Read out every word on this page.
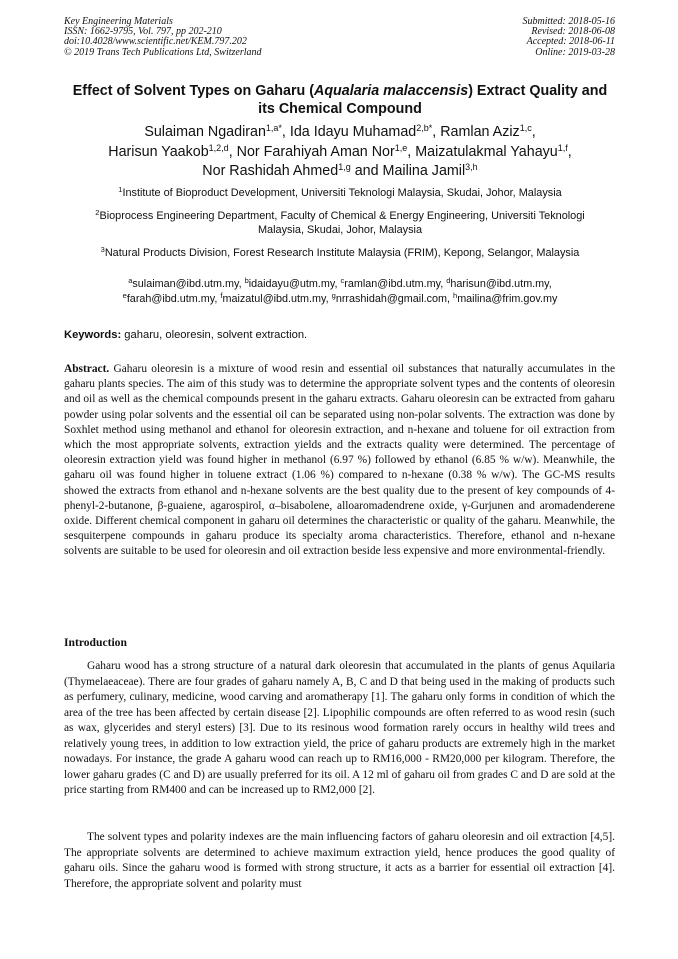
Key Engineering Materials
ISSN: 1662-9795, Vol. 797, pp 202-210
doi:10.4028/www.scientific.net/KEM.797.202
© 2019 Trans Tech Publications Ltd, Switzerland
Submitted: 2018-05-16
Revised: 2018-06-08
Accepted: 2018-06-11
Online: 2019-03-28
Effect of Solvent Types on Gaharu (Aqualaria malaccensis) Extract Quality and its Chemical Compound
Sulaiman Ngadiran$^{1,a*}$, Ida Idayu Muhamad$^{2,b*}$, Ramlan Aziz$^{1,c}$,
Harisun Yaakob$^{1,2,d}$, Nor Farahiyah Aman Nor$^{1,e}$, Maizatulakmal Yahayu$^{1,f}$,
Nor Rashidah Ahmed$^{1,g}$ and Mailina Jamil$^{3,h}$
$^1$Institute of Bioproduct Development, Universiti Teknologi Malaysia, Skudai, Johor, Malaysia
$^2$Bioprocess Engineering Department, Faculty of Chemical & Energy Engineering, Universiti Teknologi Malaysia, Skudai, Johor, Malaysia
$^3$Natural Products Division, Forest Research Institute Malaysia (FRIM), Kepong, Selangor, Malaysia
$^a$sulaiman@ibd.utm.my, $^b$idaidayu@utm.my, $^c$ramlan@ibd.utm.my, $^d$harisun@ibd.utm.my,
$^e$farah@ibd.utm.my, $^f$maizatul@ibd.utm.my, $^g$nrrashidah@gmail.com, $^h$mailina@frim.gov.my
Keywords: gaharu, oleoresin, solvent extraction.
Abstract. Gaharu oleoresin is a mixture of wood resin and essential oil substances that naturally accumulates in the gaharu plants species. The aim of this study was to determine the appropriate solvent types and the contents of oleoresin and oil as well as the chemical compounds present in the gaharu extracts. Gaharu oleoresin can be extracted from gaharu powder using polar solvents and the essential oil can be separated using non-polar solvents. The extraction was done by Soxhlet method using methanol and ethanol for oleoresin extraction, and n-hexane and toluene for oil extraction from which the most appropriate solvents, extraction yields and the extracts quality were determined. The percentage of oleoresin extraction yield was found higher in methanol (6.97 %) followed by ethanol (6.85 % w/w). Meanwhile, the gaharu oil was found higher in toluene extract (1.06 %) compared to n-hexane (0.38 % w/w). The GC-MS results showed the extracts from ethanol and n-hexane solvents are the best quality due to the present of key compounds of 4-phenyl-2-butanone, β-guaiene, agarospirol, α–bisabolene, alloaromadendrene oxide, γ-Gurjunen and aromadenderene oxide. Different chemical component in gaharu oil determines the characteristic or quality of the gaharu. Meanwhile, the sesquiterpene compounds in gaharu produce its specialty aroma characteristics. Therefore, ethanol and n-hexane solvents are suitable to be used for oleoresin and oil extraction beside less expensive and more environmental-friendly.
Introduction

Gaharu wood has a strong structure of a natural dark oleoresin that accumulated in the plants of genus Aquilaria (Thymelaeaceae). There are four grades of gaharu namely A, B, C and D that being used in the making of products such as perfumery, culinary, medicine, wood carving and aromatherapy [1]. The gaharu only forms in condition of which the area of the tree has been affected by certain disease [2]. Lipophilic compounds are often referred to as wood resin (such as wax, glycerides and steryl esters) [3]. Due to its resinous wood formation rarely occurs in healthy wild trees and relatively young trees, in addition to low extraction yield, the price of gaharu products are extremely high in the market nowadays. For instance, the grade A gaharu wood can reach up to RM16,000 - RM20,000 per kilogram. Therefore, the lower gaharu grades (C and D) are usually preferred for its oil. A 12 ml of gaharu oil from grades C and D are sold at the price starting from RM400 and can be increased up to RM2,000 [2].

The solvent types and polarity indexes are the main influencing factors of gaharu oleoresin and oil extraction [4,5]. The appropriate solvents are determined to achieve maximum extraction yield, hence produces the good quality of gaharu oils. Since the gaharu wood is formed with strong structure, it acts as a barrier for essential oil extraction [4]. Therefore, the appropriate solvent and polarity must
